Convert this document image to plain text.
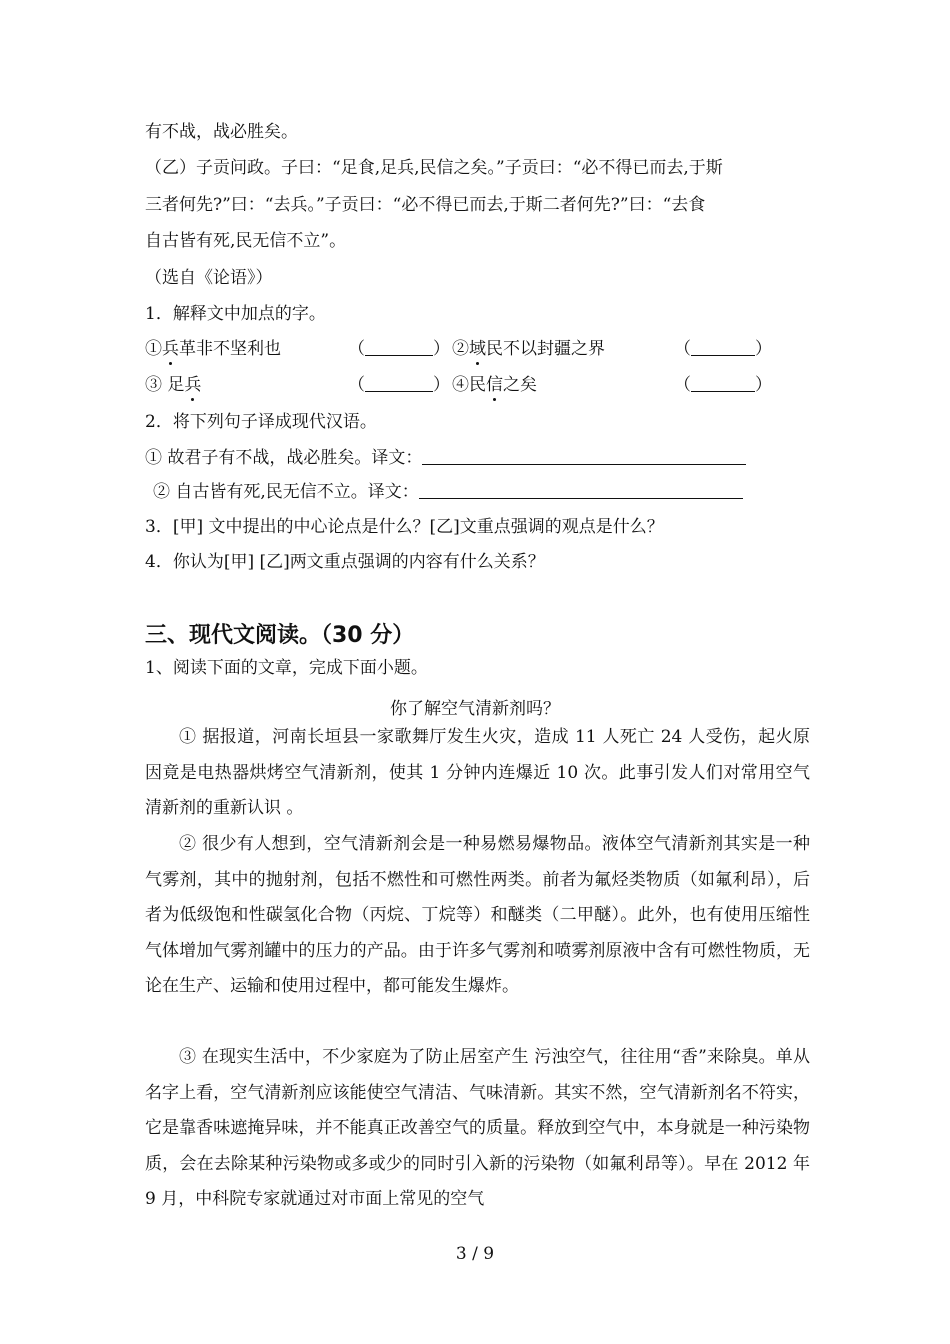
有不战，战必胜矣。
（乙）子贡问政。子曰：“足食,足兵,民信之矣。”子贡曰：“必不得已而去,于斯
三者何先?”曰：“去兵。”子贡曰：“必不得已而去,于斯二者何先?”曰：“去食
自古皆有死,民无信不立”。
（选自《论语》）
1．解释文中加点的字。
①兵革非不坚利也	（	） ②域民不以封疆之界	（	）
③ 足兵	（	） ④民信之矣	（	）
2．将下列句子译成现代汉语。
① 故君子有不战，战必胜矣。译文：
② 自古皆有死,民无信不立。译文：
3．[甲] 文中提出的中心论点是什么？[乙]文重点强调的观点是什么？
4．你认为[甲] [乙]两文重点强调的内容有什么关系？
三、现代文阅读。（30 分）
1、阅读下面的文章，完成下面小题。
你了解空气清新剂吗？
① 据报道，河南长垣县一家歌舞厅发生火灾，造成 11 人死亡 24 人受伤，起火原因竟是电热器烘烤空气清新剂，使其 1 分钟内连爆近 10 次。此事引发人们对常用空气清新剂的重新认识 。
② 很少有人想到，空气清新剂会是一种易燃易爆物品。液体空气清新剂其实是一种气雾剂，其中的抛射剂，包括不燃性和可燃性两类。前者为氟烃类物质（如氟利昂），后者为低级饱和性碳氢化合物（丙烷、丁烷等）和醚类（二甲醚）。此外，也有使用压缩性气体增加气雾剂罐中的压力的产品。由于许多气雾剂和喷雾剂原液中含有可燃性物质，无论在生产、运输和使用过程中，都可能发生爆炸。
③ 在现实生活中，不少家庭为了防止居室产生 污浊空气，往往用“香”来除臭。单从名字上看，空气清新剂应该能使空气清洁、气味清新。其实不然，空气清新剂名不符实，它是靠香味遮掩异味，并不能真正改善空气的质量。释放到空气中，本身就是一种污染物质，会在去除某种污染物或多或少的同时引入新的污染物（如氟利昂等）。早在 2012 年 9 月，中科院专家就通过对市面上常见的空气
3 / 9
